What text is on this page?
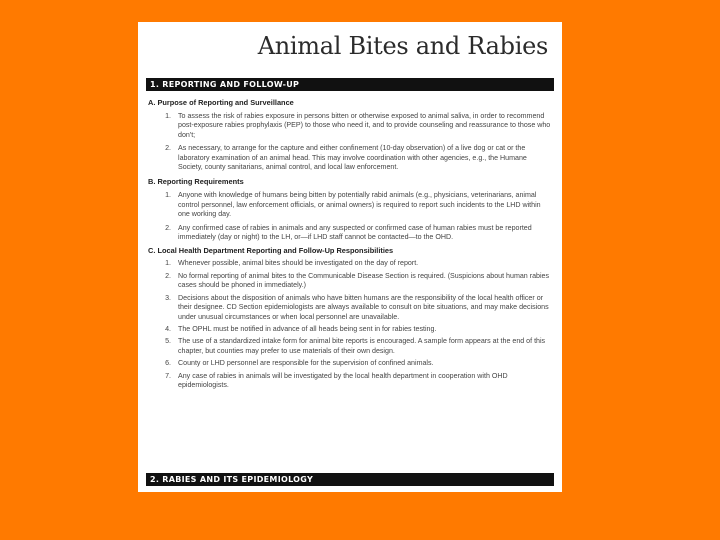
Animal Bites and Rabies
1. REPORTING AND FOLLOW-UP
A. Purpose of Reporting and Surveillance
1. To assess the risk of rabies exposure in persons bitten or otherwise exposed to animal saliva, in order to recommend post-exposure rabies prophylaxis (PEP) to those who need it, and to provide counseling and reassurance to those who don't;
2. As necessary, to arrange for the capture and either confinement (10-day observation) of a live dog or cat or the laboratory examination of an animal head. This may involve coordination with other agencies, e.g., the Humane Society, county sanitarians, animal control, and local law enforcement.
B. Reporting Requirements
1. Anyone with knowledge of humans being bitten by potentially rabid animals (e.g., physicians, veterinarians, animal control personnel, law enforcement officials, or animal owners) is required to report such incidents to the LHD within one working day.
2. Any confirmed case of rabies in animals and any suspected or confirmed case of human rabies must be reported immediately (day or night) to the LH, or—if LHD staff cannot be contacted—to the OHD.
C. Local Health Department Reporting and Follow-Up Responsibilities
1. Whenever possible, animal bites should be investigated on the day of report.
2. No formal reporting of animal bites to the Communicable Disease Section is required. (Suspicions about human rabies cases should be phoned in immediately.)
3. Decisions about the disposition of animals who have bitten humans are the responsibility of the local health officer or their designee. CD Section epidemiologists are always available to consult on bite situations, and may make decisions under unusual circumstances or when local personnel are unavailable.
4. The OPHL must be notified in advance of all heads being sent in for rabies testing.
5. The use of a standardized intake form for animal bite reports is encouraged. A sample form appears at the end of this chapter, but counties may prefer to use materials of their own design.
6. County or LHD personnel are responsible for the supervision of confined animals.
7. Any case of rabies in animals will be investigated by the local health department in cooperation with OHD epidemiologists.
2. RABIES AND ITS EPIDEMIOLOGY
